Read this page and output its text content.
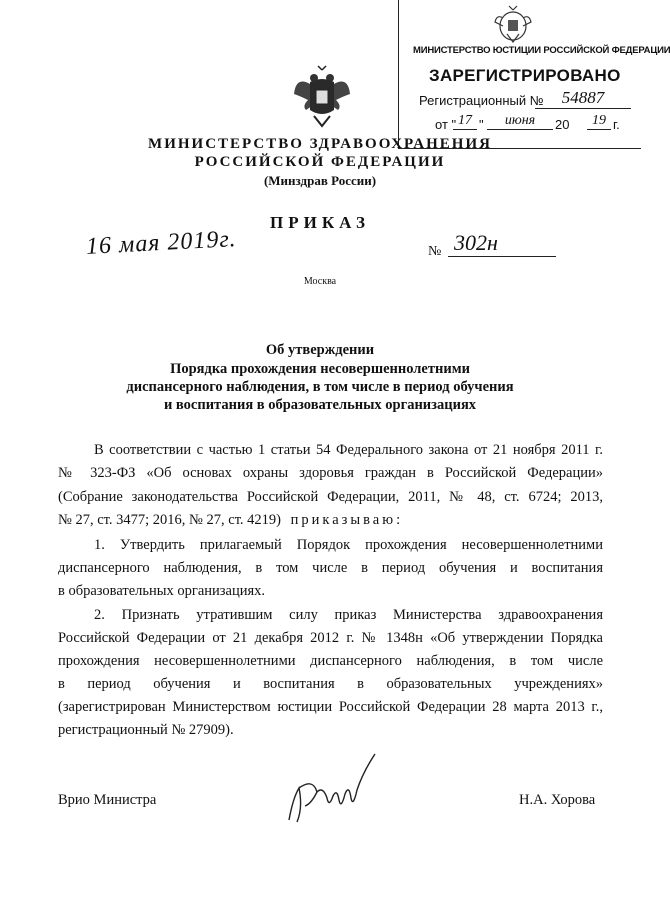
МИНИСТЕРСТВО ЮСТИЦИИ РОССИЙСКОЙ ФЕДЕРАЦИИ
ЗАРЕГИСТРИРОВАНО
Регистрационный №	54887
от " 17 "	июня	20	19 г.
МИНИСТЕРСТВО ЗДРАВООХРАНЕНИЯ
РОССИЙСКОЙ ФЕДЕРАЦИИ
(Минздрав России)
ПРИКАЗ
16 мая 2019г.	№ 302н
Москва
Об утверждении
Порядка прохождения несовершеннолетними
диспансерного наблюдения, в том числе в период обучения
и воспитания в образовательных организациях
В соответствии с частью 1 статьи 54 Федерального закона от 21 ноября 2011 г.
№ 323-ФЗ «Об основах охраны здоровья граждан в Российской Федерации»
(Собрание законодательства Российской Федерации, 2011, № 48, ст. 6724; 2013,
№ 27, ст. 3477; 2016, № 27, ст. 4219) приказываю:
1. Утвердить прилагаемый Порядок прохождения несовершеннолетними
диспансерного наблюдения, в том числе в период обучения и воспитания
в образовательных организациях.
2. Признать утратившим силу приказ Министерства здравоохранения
Российской Федерации от 21 декабря 2012 г. № 1348н «Об утверждении Порядка
прохождения несовершеннолетними диспансерного наблюдения, в том числе
в период обучения и воспитания в образовательных учреждениях»
(зарегистрирован Министерством юстиции Российской Федерации 28 марта 2013 г.,
регистрационный № 27909).
Врио Министра	Н.А. Хорова
